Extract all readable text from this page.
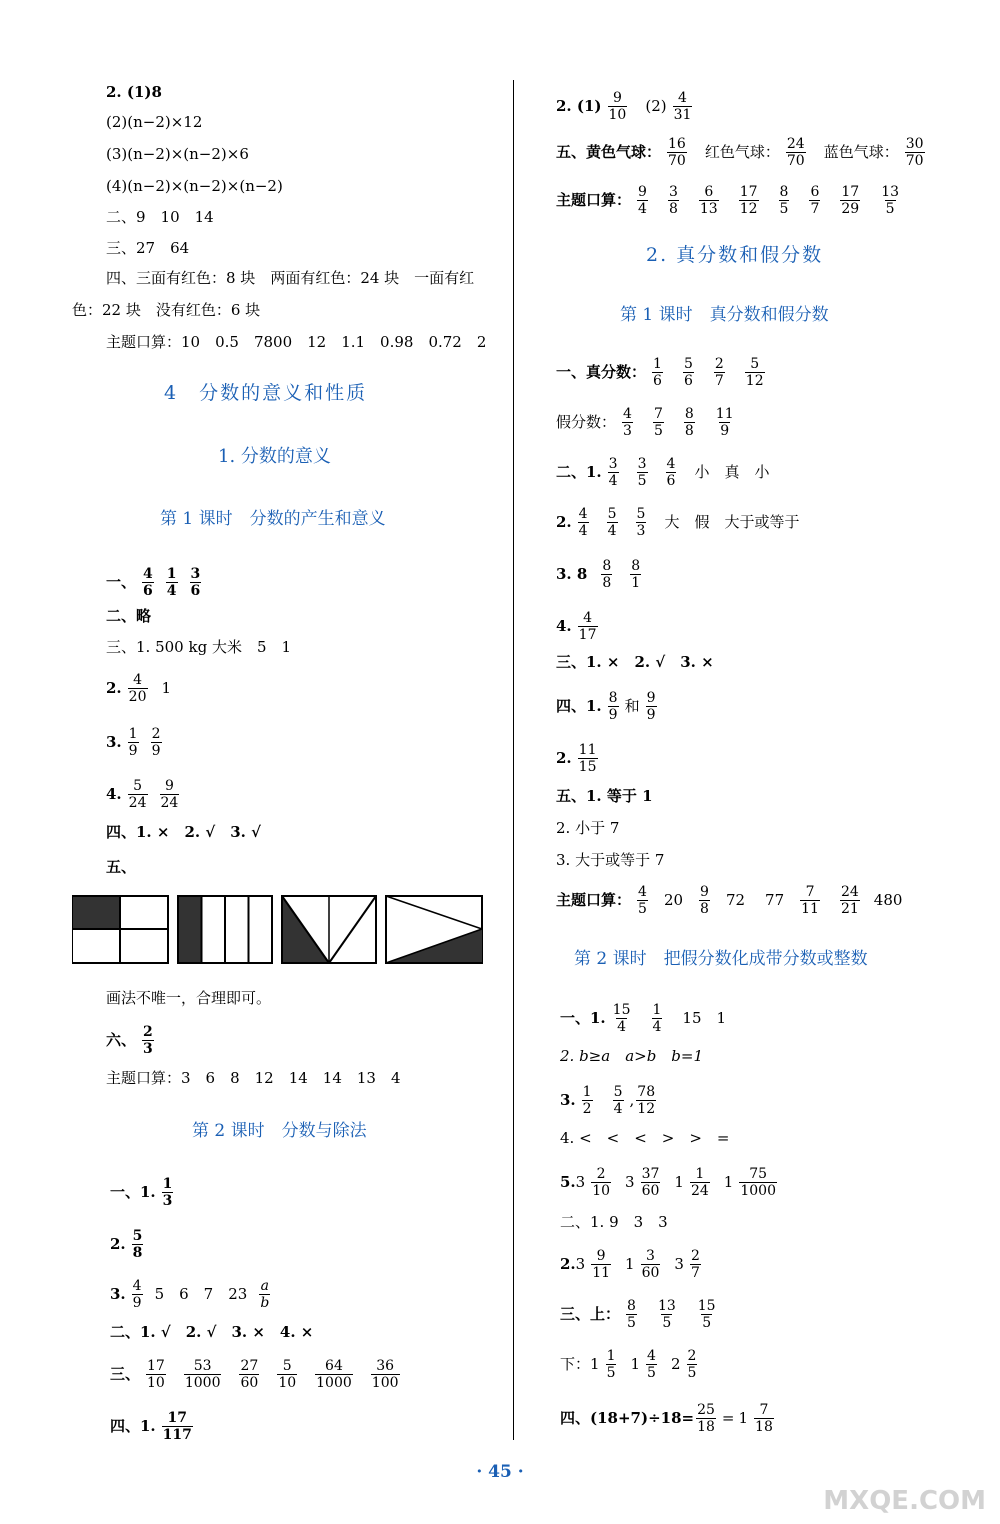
2. (1)8
(2)(n−2)×12
(3)(n−2)×(n−2)×6
(4)(n−2)×(n−2)×(n−2)
二、9　10　14
三、27　64
四、三面有红色：8 块　两面有红色：24 块　一面有红
色：22 块　没有红色：6 块
主题口算：10　0.5　7800　12　1.1　0.98　0.72　2
4　分数的意义和性质
1. 分数的意义
第 1 课时　分数的产生和意义
一、 $\frac{4}{6} \frac{1}{4} \frac{3}{6}$
二、略
三、1. 500 kg 大米　5　1
2. $\frac{4}{20} 1$
3. $\frac{1}{9} \frac{2}{9}$
4. $\frac{5}{24} \frac{9}{24}$
四、1. ×　2. √　3. √
五、
画法不唯一，合理即可。
六、 $\frac{2}{3}$
主题口算：3　6　8　12　14　14　13　4
第 2 课时　分数与除法
一、1. $\frac{1}{3}$
2. $\frac{5}{8}$
3. $\frac{4}{9} 5$　6　7　$23 \frac{a}{b}$
二、1. √　2. √　3. ×　4. ×
三、 $\frac{17}{10} \frac{53}{1000} \frac{27}{60} \frac{5}{10} \frac{64}{1000} \frac{36}{100}$
四、1. $\frac{17}{117}$
2. $(1) \frac{9}{10} (2) \frac{4}{31}$
五、黄色气球： $\frac{16}{70}$ 红色气球： $\frac{24}{70}$ 蓝色气球： $\frac{30}{70}$
主题口算： $\frac{9}{4} \frac{3}{8} \frac{6}{13} \frac{17}{12} \frac{8}{5} \frac{6}{7} \frac{17}{29} \frac{13}{5}$
2. 真分数和假分数
第 1 课时　真分数和假分数
一、真分数： $\frac{1}{6} \frac{5}{6} \frac{2}{7} \frac{5}{12}$
假分数： $\frac{4}{3} \frac{7}{5} \frac{8}{8} \frac{11}{9}$
二、1. $\frac{3}{4} \frac{3}{5} \frac{4}{6}$ 小　真　小
2. $\frac{4}{4} \frac{5}{4} \frac{5}{3}$ 大　假　大于或等于
3. $8 \frac{8}{8} \frac{8}{1}$
4. $\frac{4}{17}$
三、1. ×　2. √　3. ×
四、1. $\frac{8}{9}$ 和 $\frac{9}{9}$
2. $\frac{11}{15}$
五、1. 等于 1
2. 小于 7
3. 大于或等于 7
主题口算： $\frac{4}{5} 20 \frac{9}{8} 72$ $77 \frac{7}{11} \frac{24}{21} 480$
第 2 课时　把假分数化成带分数或整数
一、1. $\frac{15}{4} \frac{1}{4} 15$　1
2. b≥a　a>b　b=1
3. $\frac{1}{2} \frac{5}{4}$ , $\frac{78}{12}$
4. <　<　<　>　>　=
5. $3 \frac{2}{10} 3 \frac{37}{60} 1 \frac{1}{24} 1 \frac{75}{1000}$
二、1. 9　3　3
2. $3 \frac{9}{11} 1 \frac{3}{60} 3 \frac{2}{7}$
三、上： $\frac{8}{5} \frac{13}{5} \frac{15}{5}$
下： $1 \frac{1}{5} 1 \frac{4}{5} 2 \frac{2}{5}$
四、$(18+7)\div 18= \frac{25}{18} = 1 \frac{7}{18}$
· 45 ·
MXQE.COM
